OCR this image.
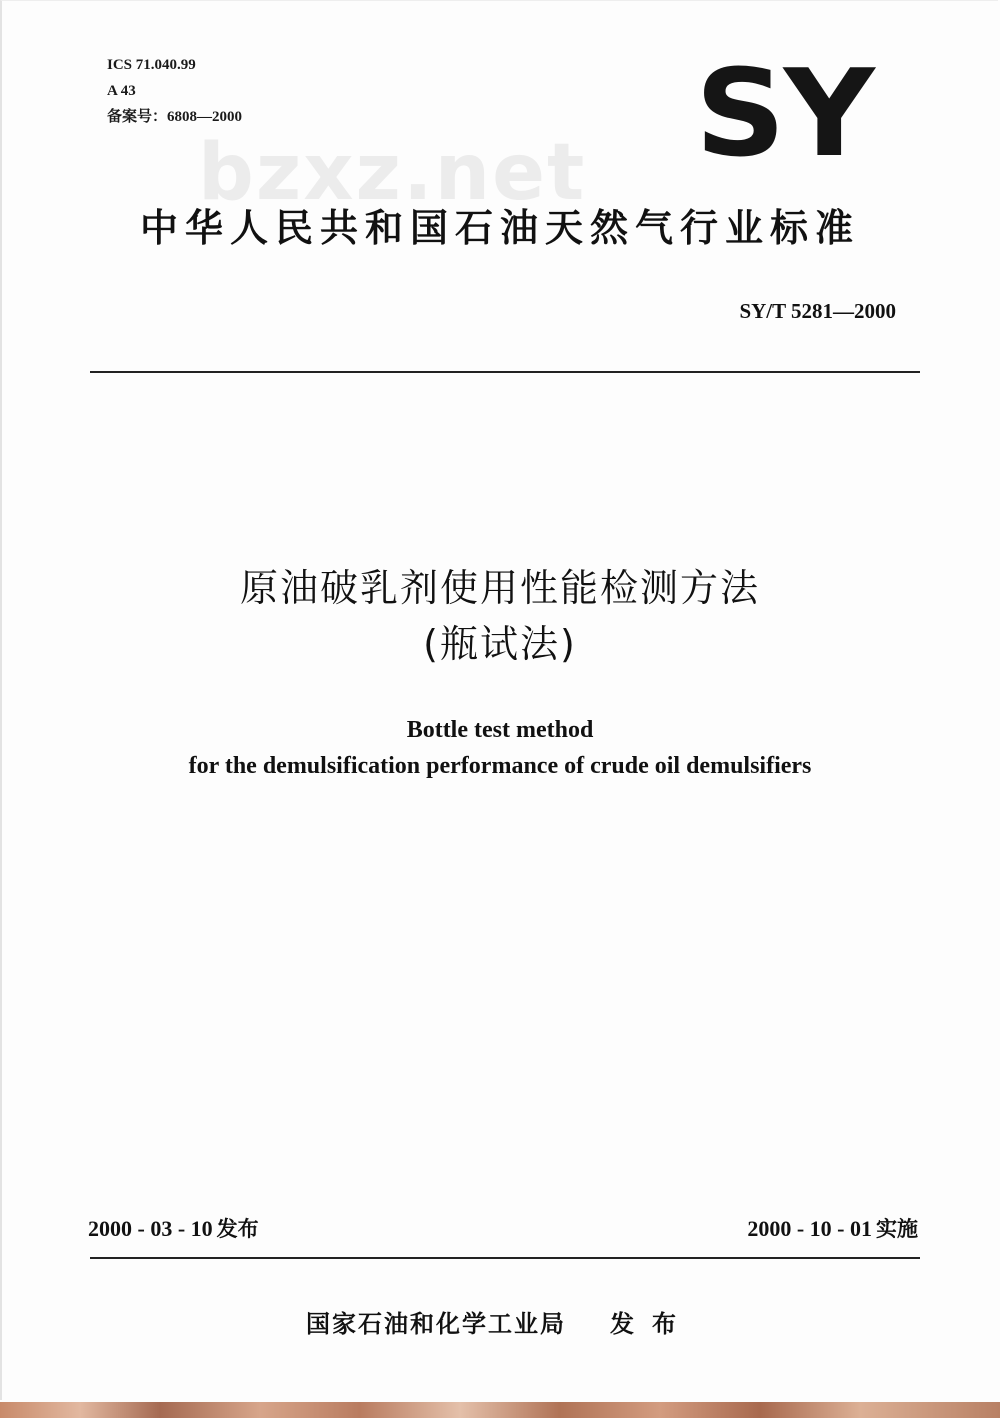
ICS 71.040.99
A 43
备案号：6808—2000	SY
bzxz.net
中华人民共和国石油天然气行业标准
SY/T 5281—2000
原油破乳剂使用性能检测方法
(瓶试法)
Bottle test method
for the demulsification performance of crude oil demulsifiers
2000 - 03 - 10 发布	2000 - 10 - 01 实施
国家石油和化学工业局 发布
